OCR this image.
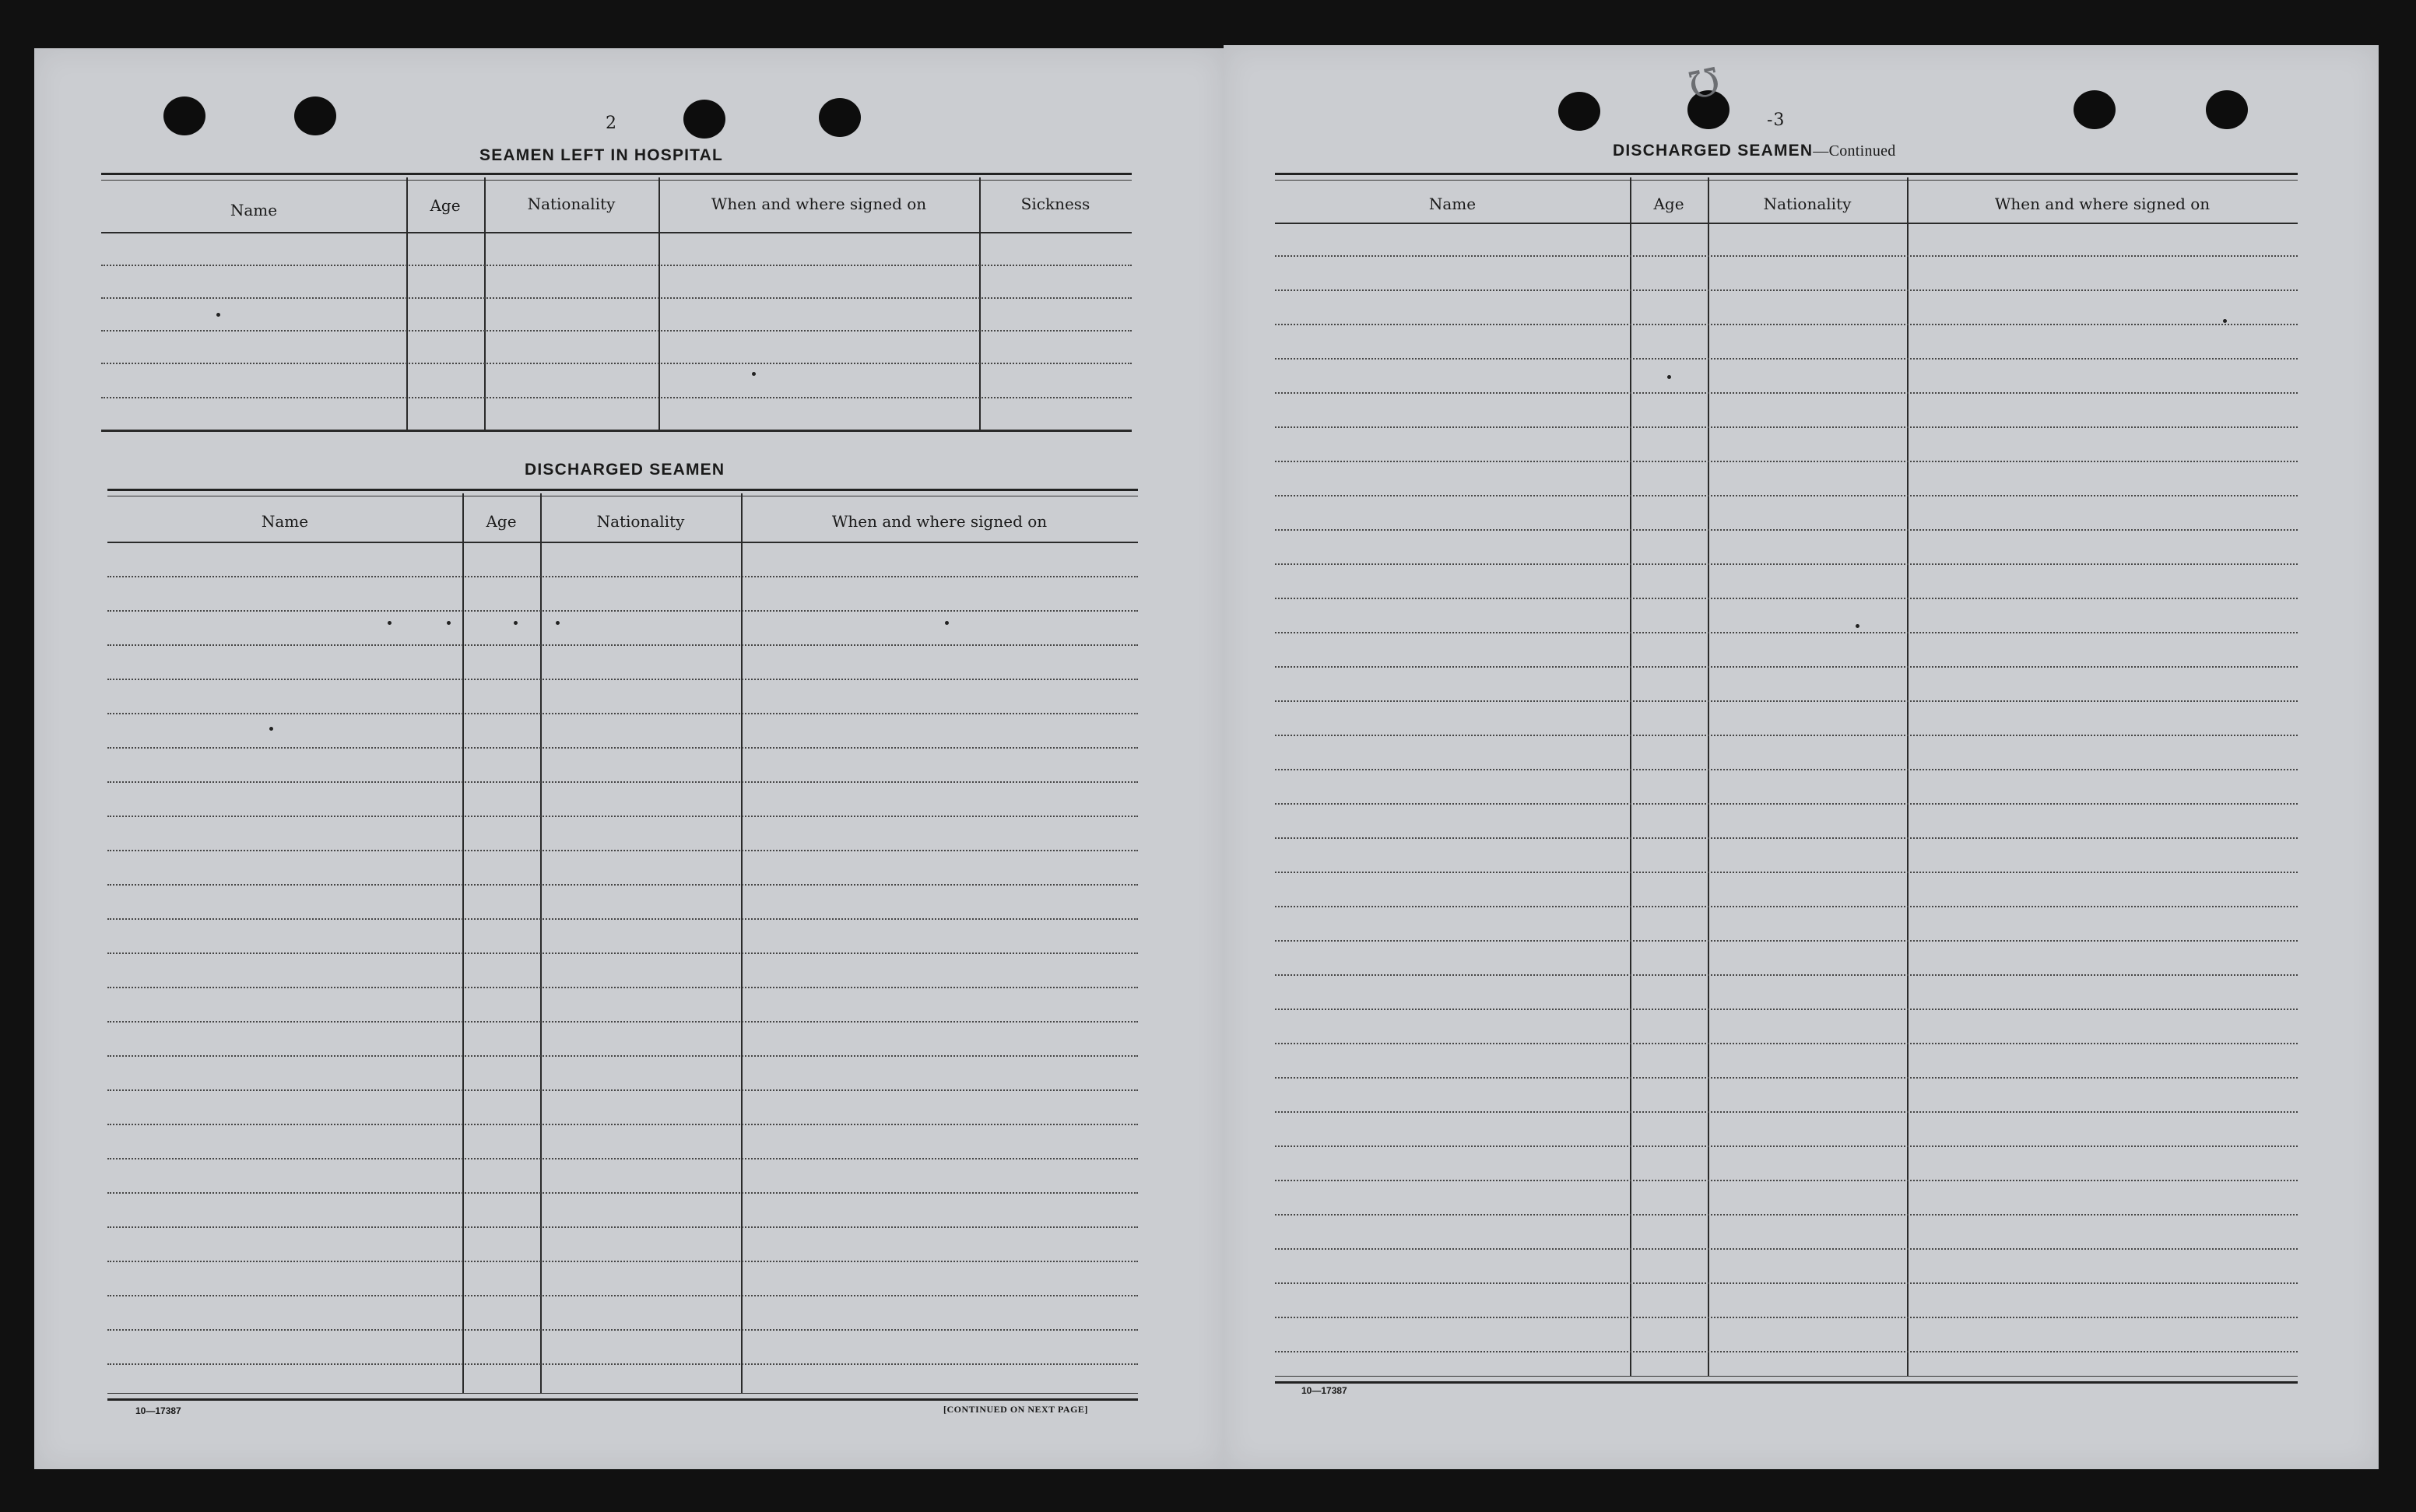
2
SEAMEN LEFT IN HOSPITAL
Name	Age	Nationality	When and where signed on	Sickness
DISCHARGED SEAMEN
Name	Age	Nationality	When and where signed on
10—17387	[CONTINUED ON NEXT PAGE]
℧
-3
DISCHARGED SEAMEN—Continued
Name	Age	Nationality	When and where signed on
10—17387
